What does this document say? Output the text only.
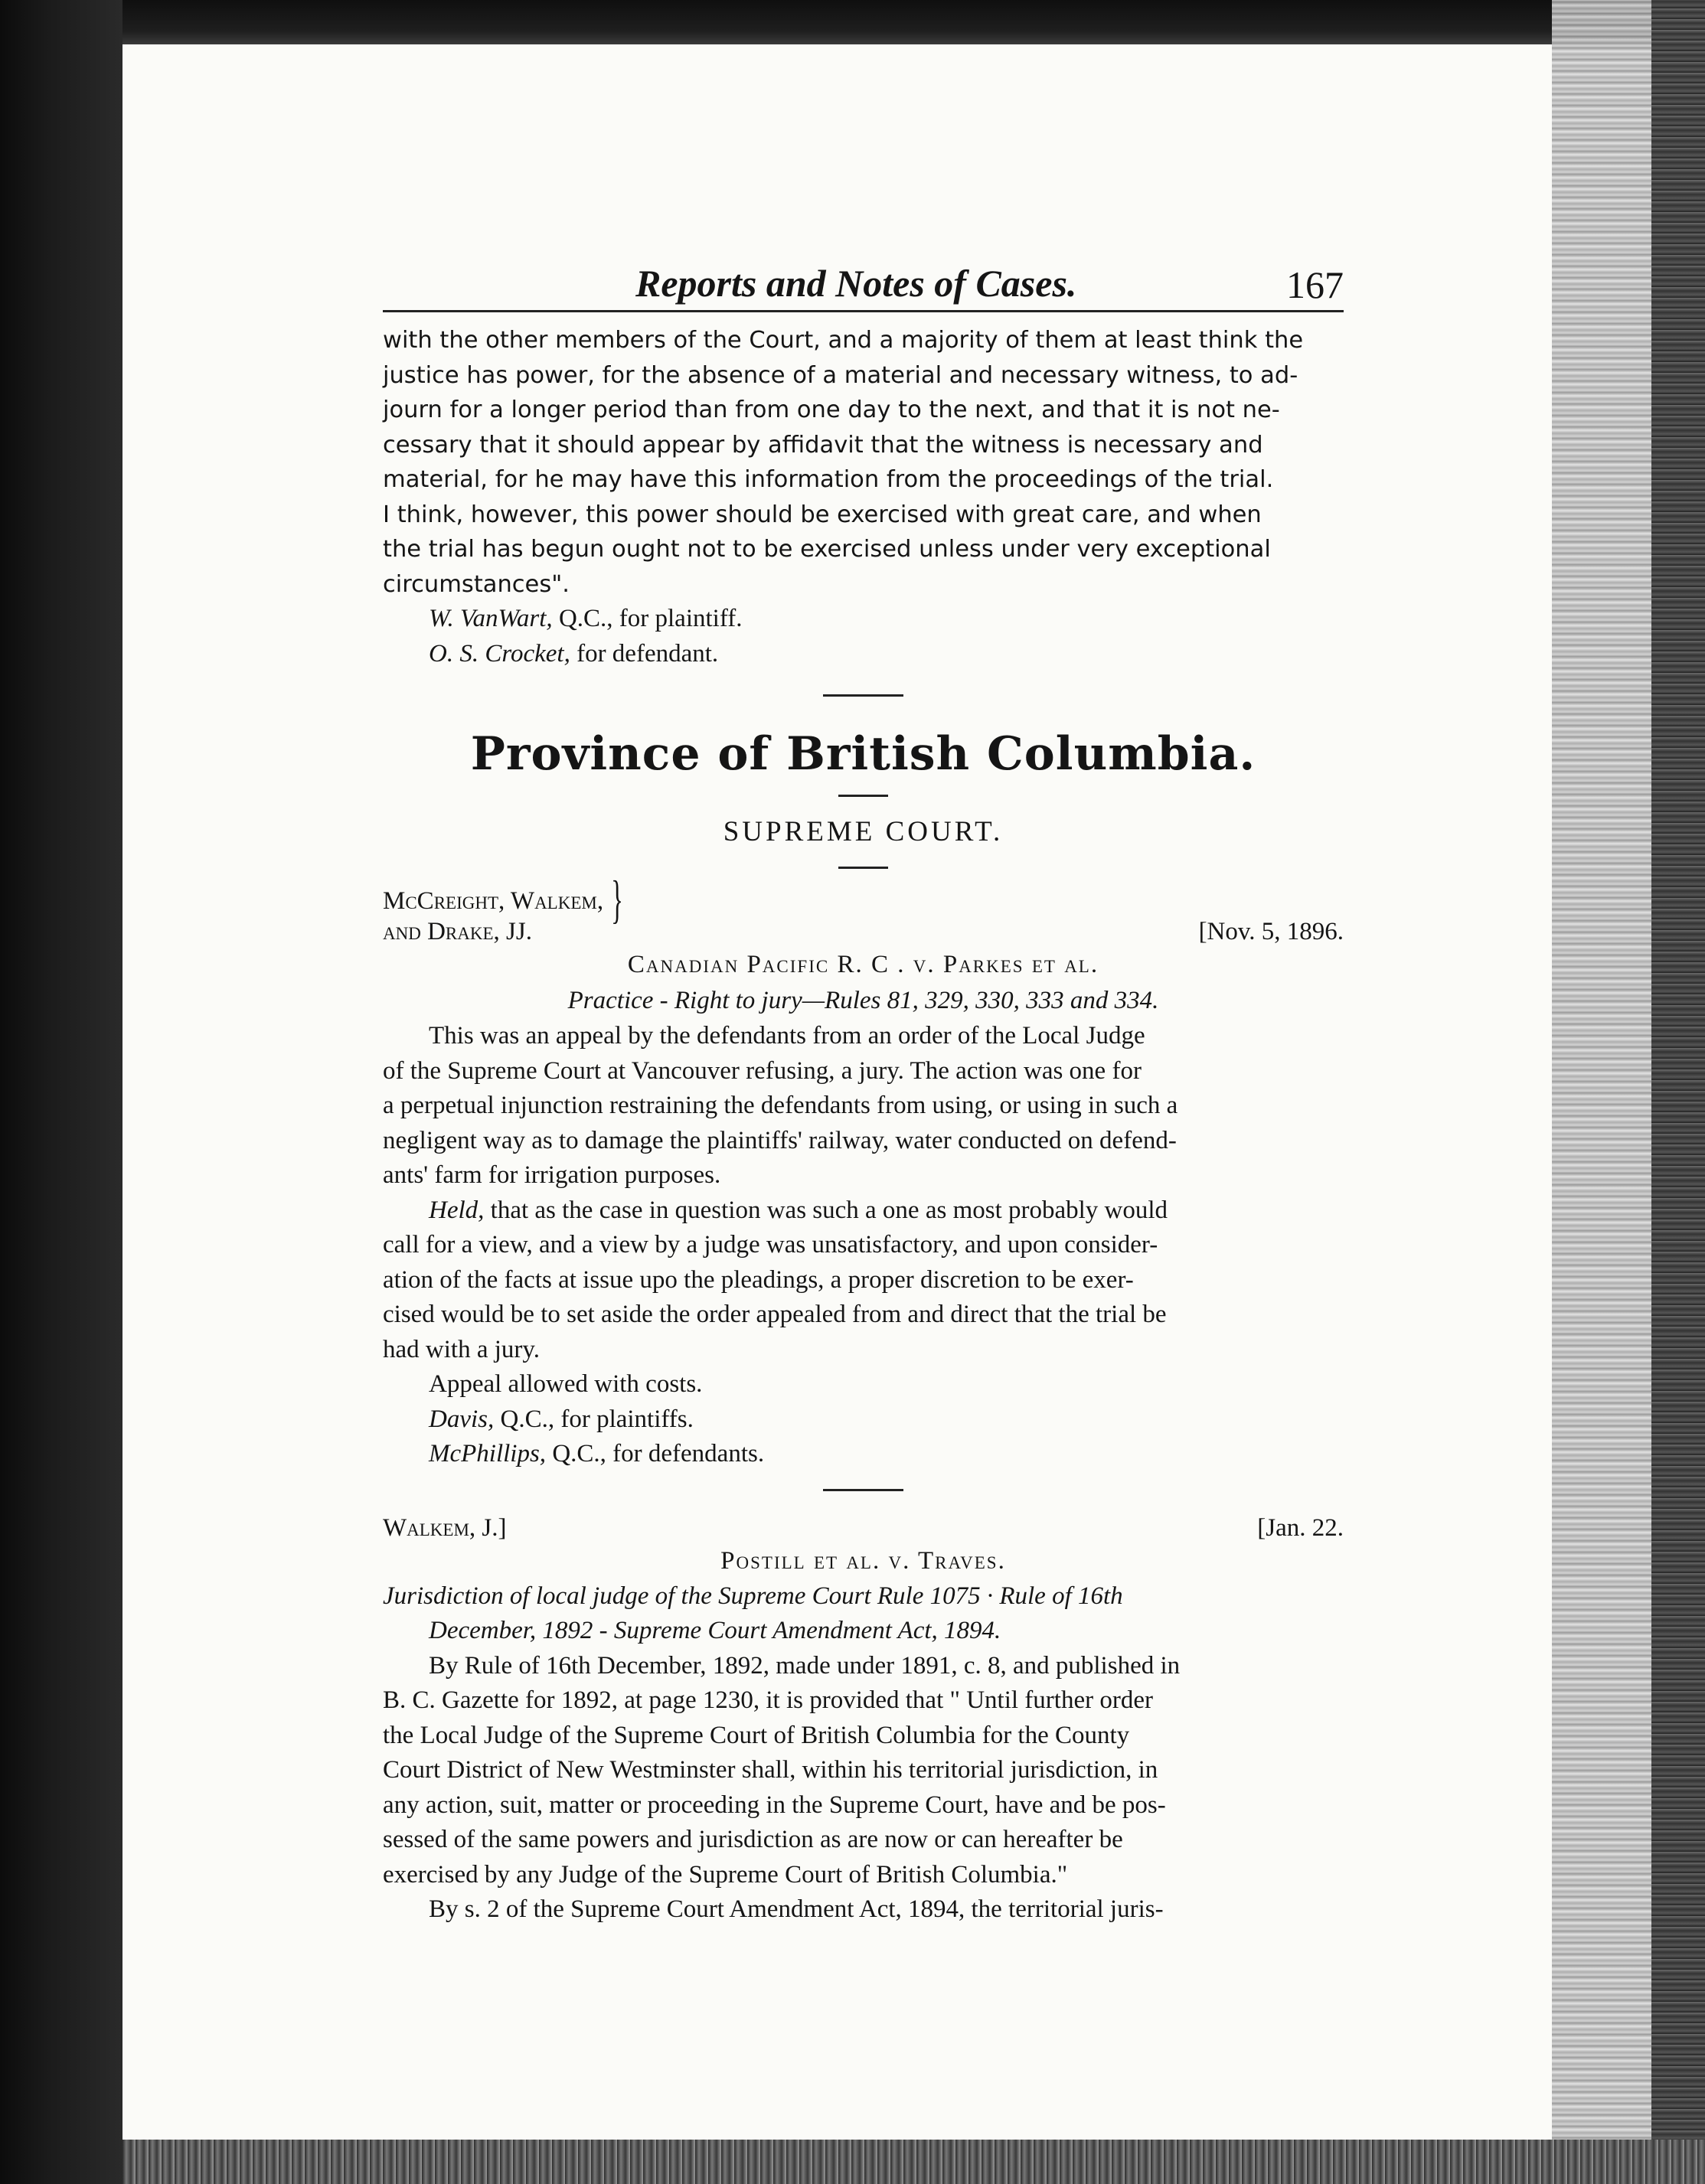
Reports and Notes of Cases.	167
with the other members of the Court, and a majority of them at least think the
justice has power, for the absence of a material and necessary witness, to ad-
journ for a longer period than from one day to the next, and that it is not ne-
cessary that it should appear by affidavit that the witness is necessary and
material, for he may have this information from the proceedings of the trial.
I think, however, this power should be exercised with great care, and when
the trial has begun ought not to be exercised unless under very exceptional
circumstances".

W. VanWart, Q.C., for plaintiff.

O. S. Crocket, for defendant.

Province of British Columbia.
SUPREME COURT.
McCreight, Walkem, }
and Drake, JJ.	[Nov. 5, 1896.

Canadian Pacific R. C . v. Parkes et al.

Practice - Right to jury—Rules 81, 329, 330, 333 and 334.

This was an appeal by the defendants from an order of the Local Judge
of the Supreme Court at Vancouver refusing, a jury. The action was one for
a perpetual injunction restraining the defendants from using, or using in such a
negligent way as to damage the plaintiffs' railway, water conducted on defend-
ants' farm for irrigation purposes.
Held, that as the case in question was such a one as most probably would
call for a view, and a view by a judge was unsatisfactory, and upon consider-
ation of the facts at issue upo the pleadings, a proper discretion to be exer-
cised would be to set aside the order appealed from and direct that the trial be
had with a jury.

Appeal allowed with costs.

Davis, Q.C., for plaintiffs.

McPhillips, Q.C., for defendants.

Walkem, J.]	[Jan. 22.

Postill et al. v. Traves.

Jurisdiction of local judge of the Supreme Court Rule 1075 · Rule of 16th

December, 1892 - Supreme Court Amendment Act, 1894.

By Rule of 16th December, 1892, made under 1891, c. 8, and published in
B. C. Gazette for 1892, at page 1230, it is provided that " Until further order
the Local Judge of the Supreme Court of British Columbia for the County
Court District of New Westminster shall, within his territorial jurisdiction, in
any action, suit, matter or proceeding in the Supreme Court, have and be pos-
sessed of the same powers and jurisdiction as are now or can hereafter be
exercised by any Judge of the Supreme Court of British Columbia."
By s. 2 of the Supreme Court Amendment Act, 1894, the territorial juris-
